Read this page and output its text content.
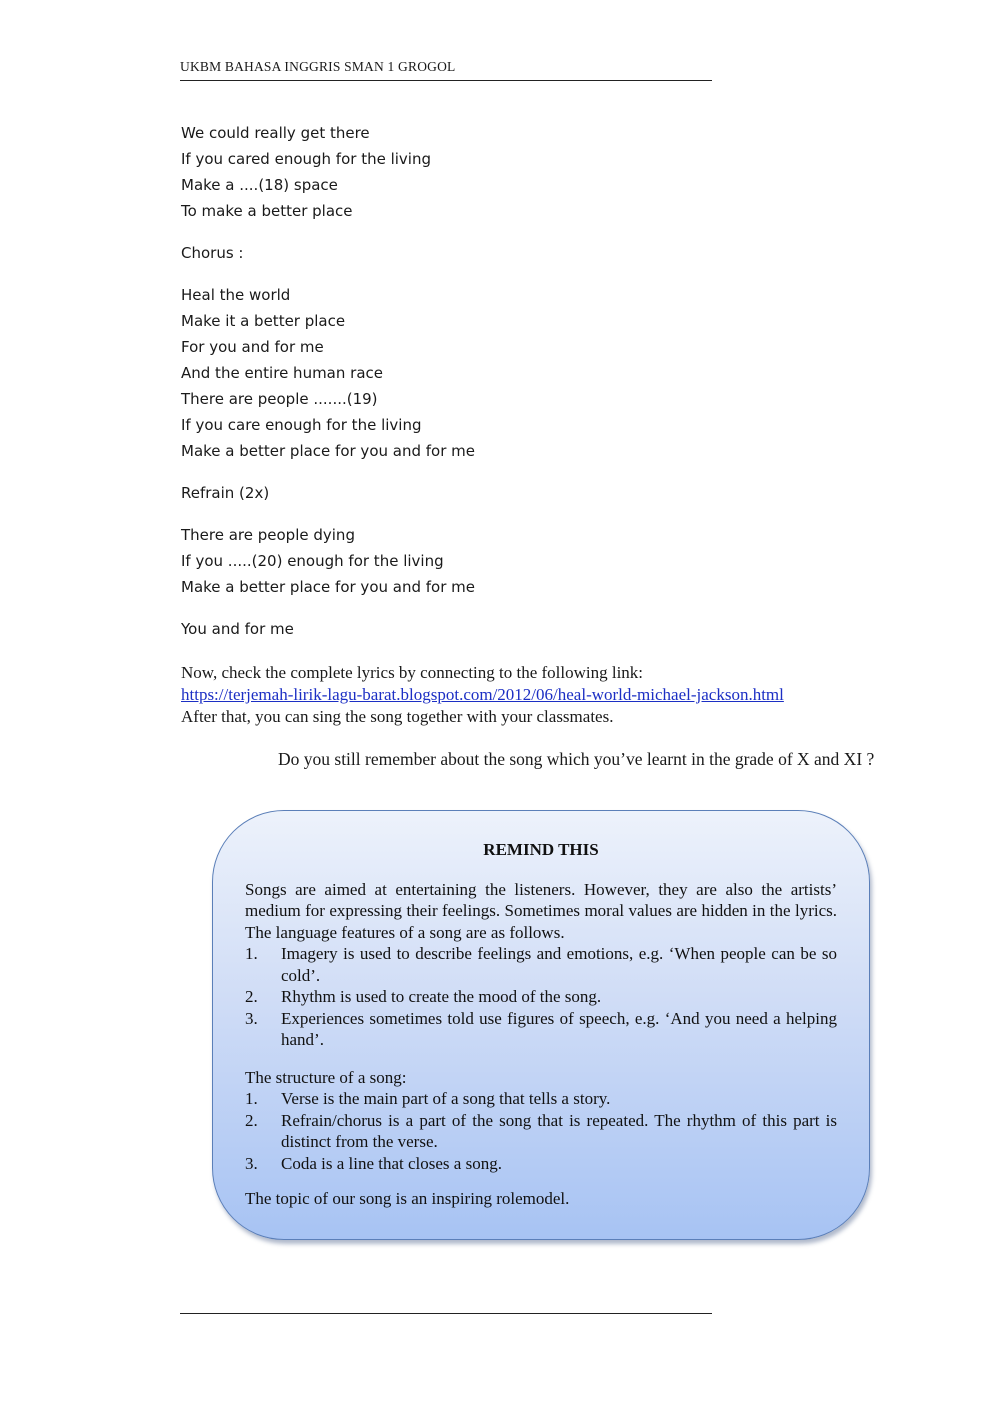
UKBM BAHASA INGGRIS SMAN 1 GROGOL
We could really get there
If you cared enough for the living
Make a ....(18) space
To make a better place
Chorus :
Heal the world
Make it a better place
For you and for me
And the entire human race
There are people .......(19)
If you care enough for the living
Make a better place for you and for me
Refrain (2x)
There are people dying
If you .....(20) enough for the living
Make a better place for you and for me
You and for me
Now, check the complete lyrics by connecting to the following link:
https://terjemah-lirik-lagu-barat.blogspot.com/2012/06/heal-world-michael-jackson.html
After that, you can sing the song together with your classmates.
Do you still remember about the song which you’ve learnt in the grade of X and XI ?
REMIND THIS

Songs are aimed at entertaining the listeners. However, they are also the artists’ medium for expressing their feelings. Sometimes moral values are hidden in the lyrics. The language features of a song are as follows.

1.	Imagery is used to describe feelings and emotions, e.g. ‘When people can be so cold’.
2.	Rhythm is used to create the mood of the song.
3.	Experiences sometimes told use figures of speech, e.g. ‘And you need a helping hand’.

The structure of a song:

1.	Verse is the main part of a song that tells a story.
2.	Refrain/chorus is a part of the song that is repeated. The rhythm of this part is distinct from the verse.
3.	Coda is a line that closes a song.

The topic of our song is an inspiring rolemodel.
